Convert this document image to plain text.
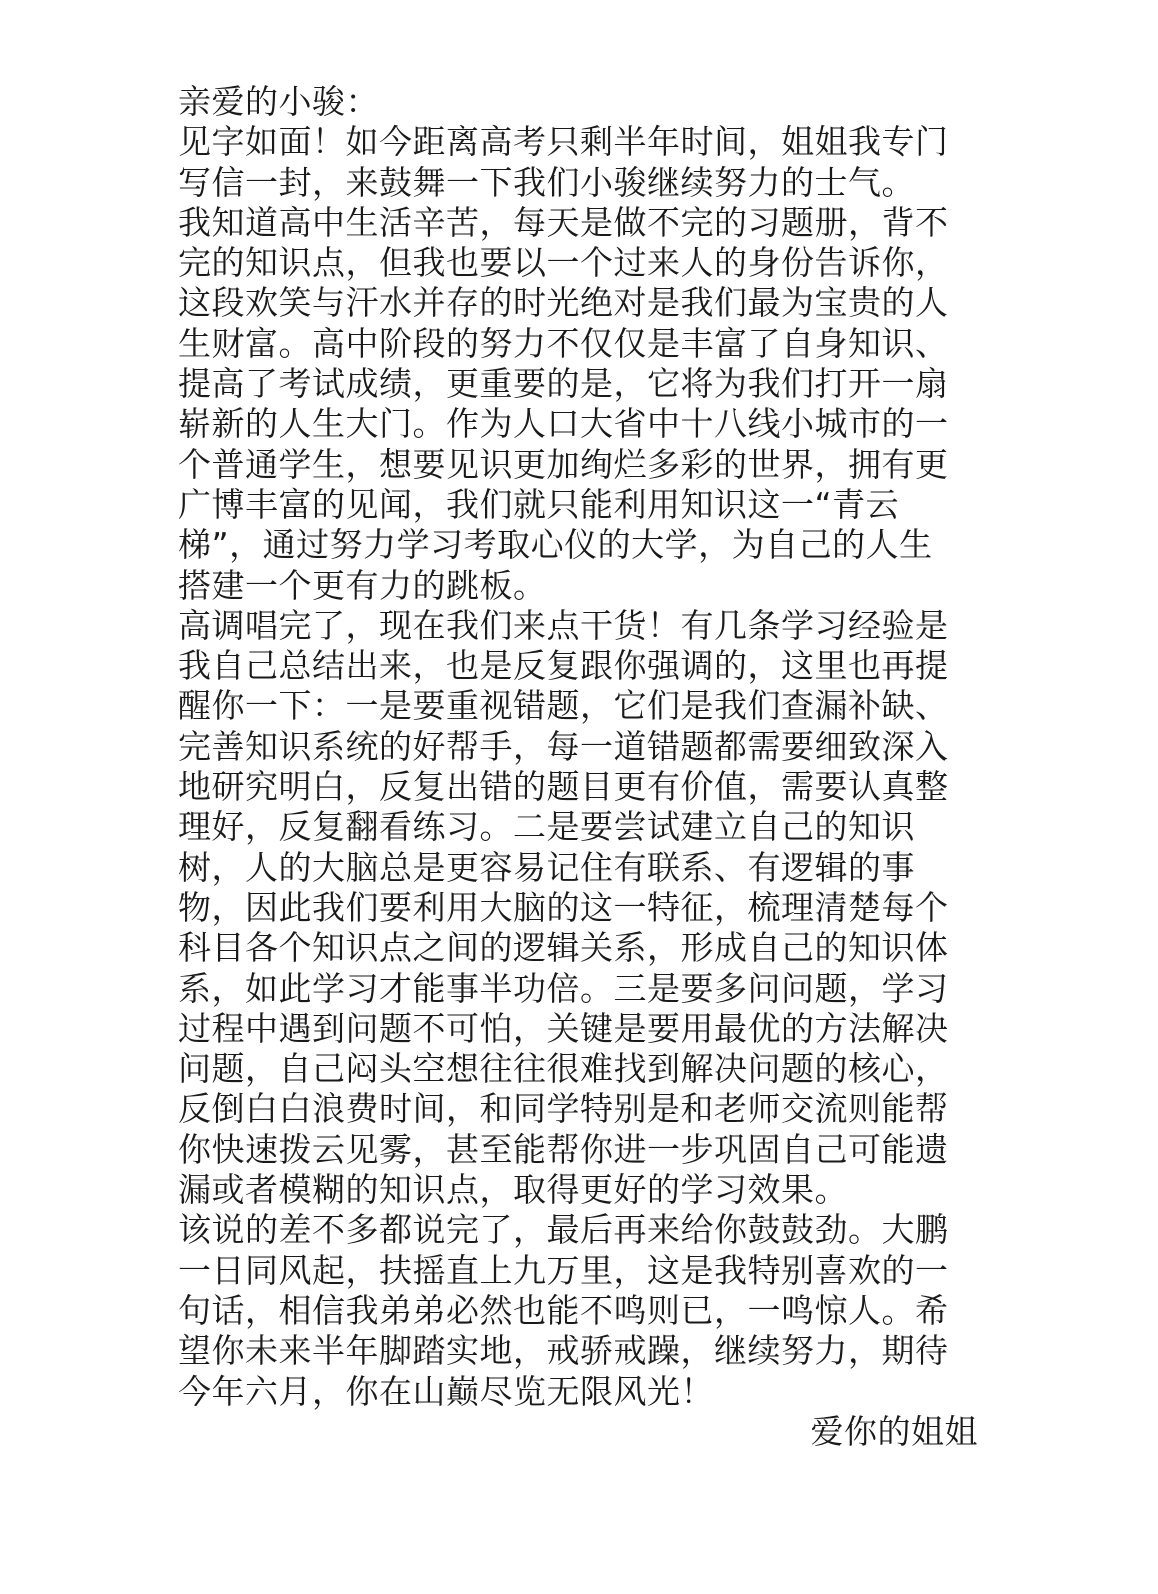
亲爱的小骏：
见字如面！如今距离高考只剩半年时间，姐姐我专门
写信一封，来鼓舞一下我们小骏继续努力的士气。
我知道高中生活辛苦，每天是做不完的习题册，背不
完的知识点，但我也要以一个过来人的身份告诉你，
这段欢笑与汗水并存的时光绝对是我们最为宝贵的人
生财富。高中阶段的努力不仅仅是丰富了自身知识、
提高了考试成绩，更重要的是，它将为我们打开一扇
崭新的人生大门。作为人口大省中十八线小城市的一
个普通学生，想要见识更加绚烂多彩的世界，拥有更
广博丰富的见闻，我们就只能利用知识这一“青云
梯”，通过努力学习考取心仪的大学，为自己的人生
搭建一个更有力的跳板。
高调唱完了，现在我们来点干货！有几条学习经验是
我自己总结出来，也是反复跟你强调的，这里也再提
醒你一下：一是要重视错题，它们是我们查漏补缺、
完善知识系统的好帮手，每一道错题都需要细致深入
地研究明白，反复出错的题目更有价值，需要认真整
理好，反复翻看练习。二是要尝试建立自己的知识
树，人的大脑总是更容易记住有联系、有逻辑的事
物，因此我们要利用大脑的这一特征，梳理清楚每个
科目各个知识点之间的逻辑关系，形成自己的知识体
系，如此学习才能事半功倍。三是要多问问题，学习
过程中遇到问题不可怕，关键是要用最优的方法解决
问题，自己闷头空想往往很难找到解决问题的核心，
反倒白白浪费时间，和同学特别是和老师交流则能帮
你快速拨云见雾，甚至能帮你进一步巩固自己可能遗
漏或者模糊的知识点，取得更好的学习效果。
该说的差不多都说完了，最后再来给你鼓鼓劲。大鹏
一日同风起，扶摇直上九万里，这是我特别喜欢的一
句话，相信我弟弟必然也能不鸣则已，一鸣惊人。希
望你未来半年脚踏实地，戒骄戒躁，继续努力，期待
今年六月，你在山巅尽览无限风光！
爱你的姐姐
